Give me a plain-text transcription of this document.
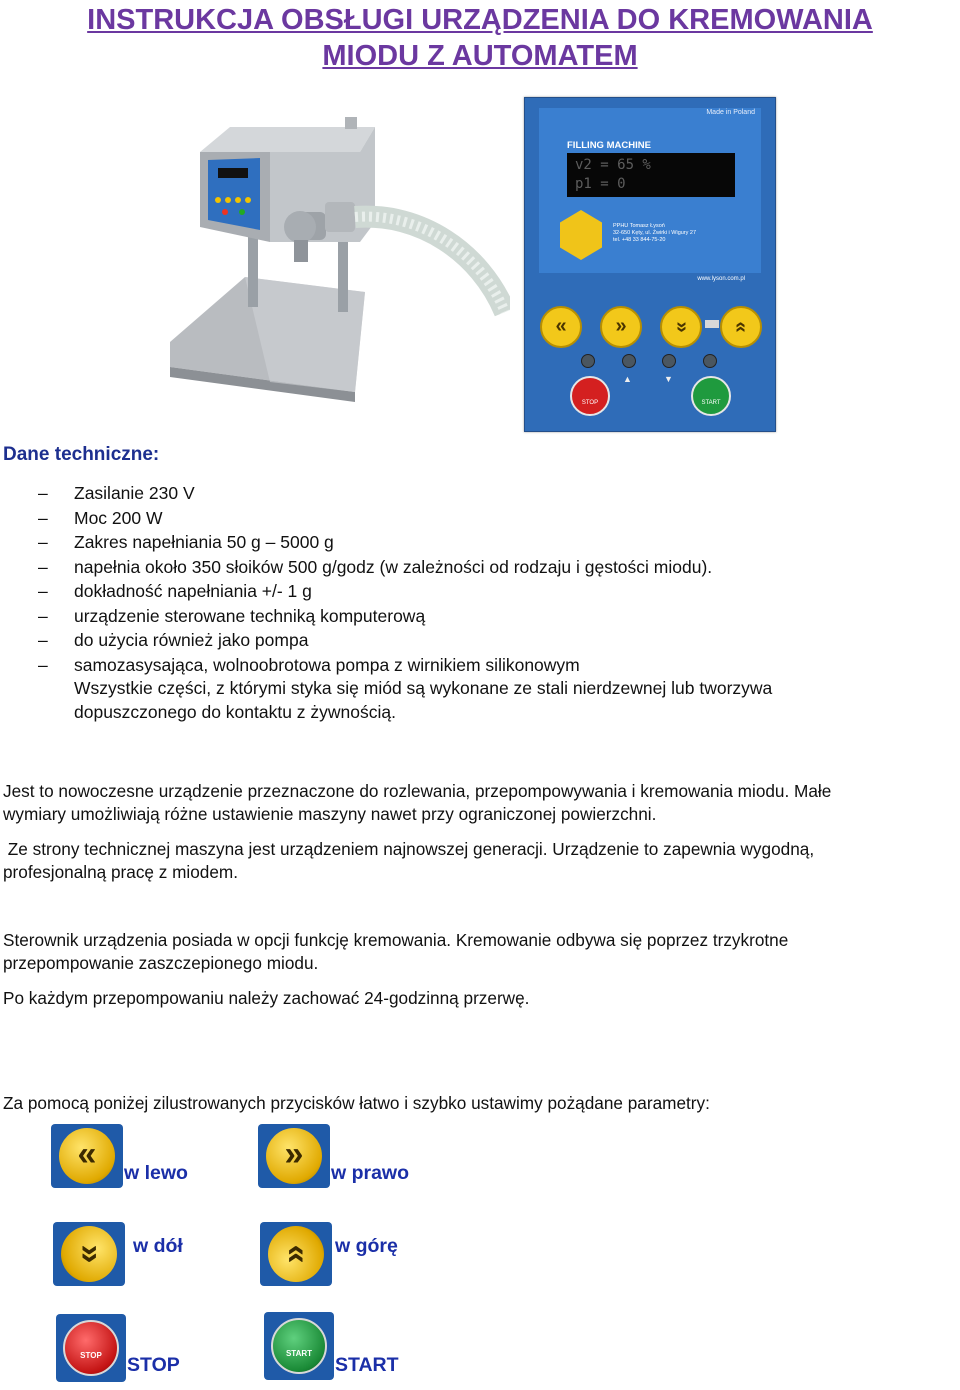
INSTRUKCJA OBSŁUGI URZĄDZENIA DO KREMOWANIA
MIODU Z AUTOMATEM
Made in Poland
FILLING MACHINE
v2 = 65 %
p1 = 0
PPHU Tomasz Łysoń
32-650 Kęty, ul. Żwirki i Wigury 27
tel. +48 33 844-75-20
www.lyson.com.pl
«	»	»	»
▲	▼
STOP	START
Dane techniczne:
–	Zasilanie 230 V
–	Moc 200 W
–	Zakres napełniania 50 g – 5000 g
–	napełnia około 350 słoików 500 g/godz (w zależności od rodzaju i gęstości miodu).
–	dokładność napełniania +/- 1 g
–	urządzenie sterowane techniką komputerową
–	do użycia również jako pompa
–	samozasysająca, wolnoobrotowa pompa z wirnikiem silikonowym
Wszystkie części, z którymi styka się miód są wykonane ze stali nierdzewnej lub tworzywa
dopuszczonego do kontaktu z żywnością.
Jest to nowoczesne urządzenie przeznaczone do rozlewania, przepompowywania i kremowania miodu. Małe
wymiary umożliwiają różne ustawienie maszyny nawet przy ograniczonej powierzchni.
Ze strony technicznej maszyna jest urządzeniem najnowszej generacji. Urządzenie to zapewnia wygodną,
profesjonalną pracę z miodem.
Sterownik urządzenia posiada w opcji funkcję kremowania. Kremowanie odbywa się poprzez trzykrotne
przepompowanie zaszczepionego miodu.
Po każdym przepompowaniu należy zachować 24-godzinną przerwę.
Za pomocą poniżej zilustrowanych przycisków łatwo i szybko ustawimy pożądane parametry:
«	w lewo	»	w prawo
»	w dół	»	w górę
STOP	STOP
START
START
